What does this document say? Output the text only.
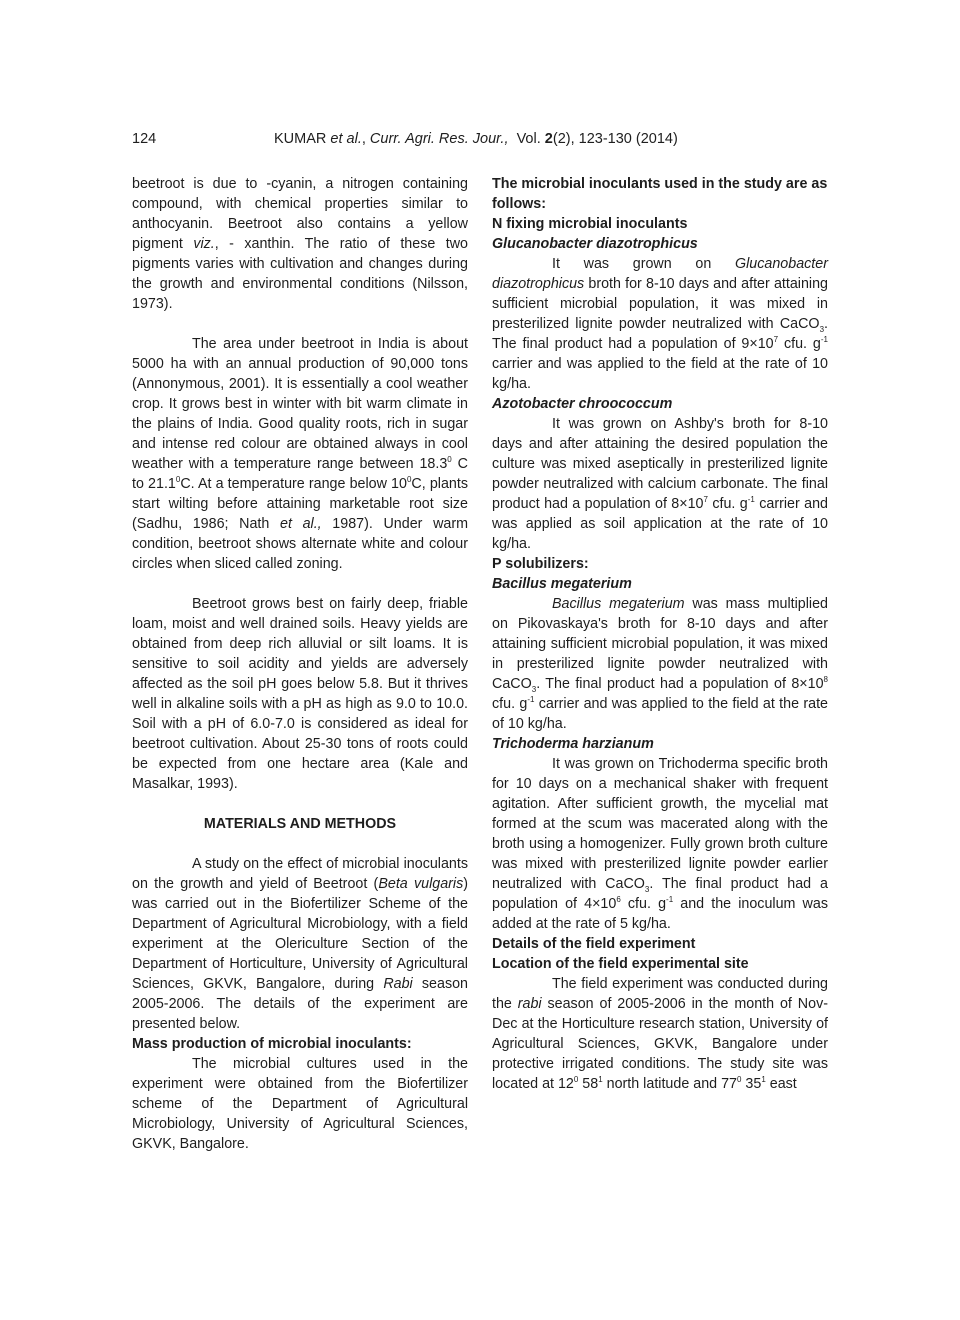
124	KUMAR et al., Curr. Agri. Res. Jour., Vol. 2(2), 123-130 (2014)

beetroot is due to -cyanin, a nitrogen containing compound, with chemical properties similar to anthocyanin. Beetroot also contains a yellow pigment viz., - xanthin. The ratio of these two pigments varies with cultivation and changes during the growth and environmental conditions (Nilsson, 1973).

The area under beetroot in India is about 5000 ha with an annual production of 90,000 tons (Annonymous, 2001). It is essentially a cool weather crop. It grows best in winter with bit warm climate in the plains of India. Good quality roots, rich in sugar and intense red colour are obtained always in cool weather with a temperature range between 18.3$^0$ C to 21.1$^0$C. At a temperature range below $10^0C$, plants start wilting before attaining marketable root size (Sadhu, 1986; Nath et al., 1987). Under warm condition, beetroot shows alternate white and colour circles when sliced called zoning.

Beetroot grows best on fairly deep, friable loam, moist and well drained soils. Heavy yields are obtained from deep rich alluvial or silt loams. It is sensitive to soil acidity and yields are adversely affected as the soil pH goes below 5.8. But it thrives well in alkaline soils with a pH as high as 9.0 to 10.0. Soil with a pH of 6.0-7.0 is considered as ideal for beetroot cultivation. About 25-30 tons of roots could be expected from one hectare area (Kale and Masalkar, 1993).

MATERIALS AND METHODS

A study on the effect of microbial inoculants on the growth and yield of Beetroot (Beta vulgaris) was carried out in the Biofertilizer Scheme of the Department of Agricultural Microbiology, with a field experiment at the Olericulture Section of the Department of Horticulture, University of Agricultural Sciences, GKVK, Bangalore, during Rabi season 2005-2006. The details of the experiment are presented below.

Mass production of microbial inoculants:

The microbial cultures used in the experiment were obtained from the Biofertilizer scheme of the Department of Agricultural Microbiology, University of Agricultural Sciences, GKVK, Bangalore.

The microbial inoculants used in the study are as follows:

N fixing microbial inoculants

Glucanobacter diazotrophicus

It was grown on Glucanobacter diazotrophicus broth for 8-10 days and after attaining sufficient microbial population, it was mixed in presterilized lignite powder neutralized with CaCO$_3$. The final product had a population of $9\times 10^7$ cfu. $g^{-1}$ carrier and was applied to the field at the rate of 10 kg/ha.

Azotobacter chroococcum

It was grown on Ashby's broth for 8-10 days and after attaining the desired population the culture was mixed aseptically in presterilized lignite powder neutralized with calcium carbonate. The final product had a population of $8\times 10^7$ cfu. $g^{-1}$ carrier and was applied as soil application at the rate of 10 kg/ha.

P solubilizers:

Bacillus megaterium

Bacillus megaterium was mass multiplied on Pikovaskaya's broth for 8-10 days and after attaining sufficient microbial population, it was mixed in presterilized lignite powder neutralized with CaCO$_3$. The final product had a population of $8\times 10^8$ cfu. $g^{-1}$ carrier and was applied to the field at the rate of 10 kg/ha.

Trichoderma harzianum

It was grown on Trichoderma specific broth for 10 days on a mechanical shaker with frequent agitation. After sufficient growth, the mycelial mat formed at the scum was macerated along with the broth using a homogenizer. Fully grown broth culture was mixed with presterilized lignite powder earlier neutralized with CaCO$_3$. The final product had a population of $4\times 10^6$ cfu. $g^{-1}$ and the inoculum was added at the rate of 5 kg/ha.

Details of the field experiment

Location of the field experimental site

The field experiment was conducted during the rabi season of 2005-2006 in the month of Nov-Dec at the Horticulture research station, University of Agricultural Sciences, GKVK, Bangalore under protective irrigated conditions. The study site was located at $12^0$ $58^1$ north latitude and $77^0$ $35^1$ east
